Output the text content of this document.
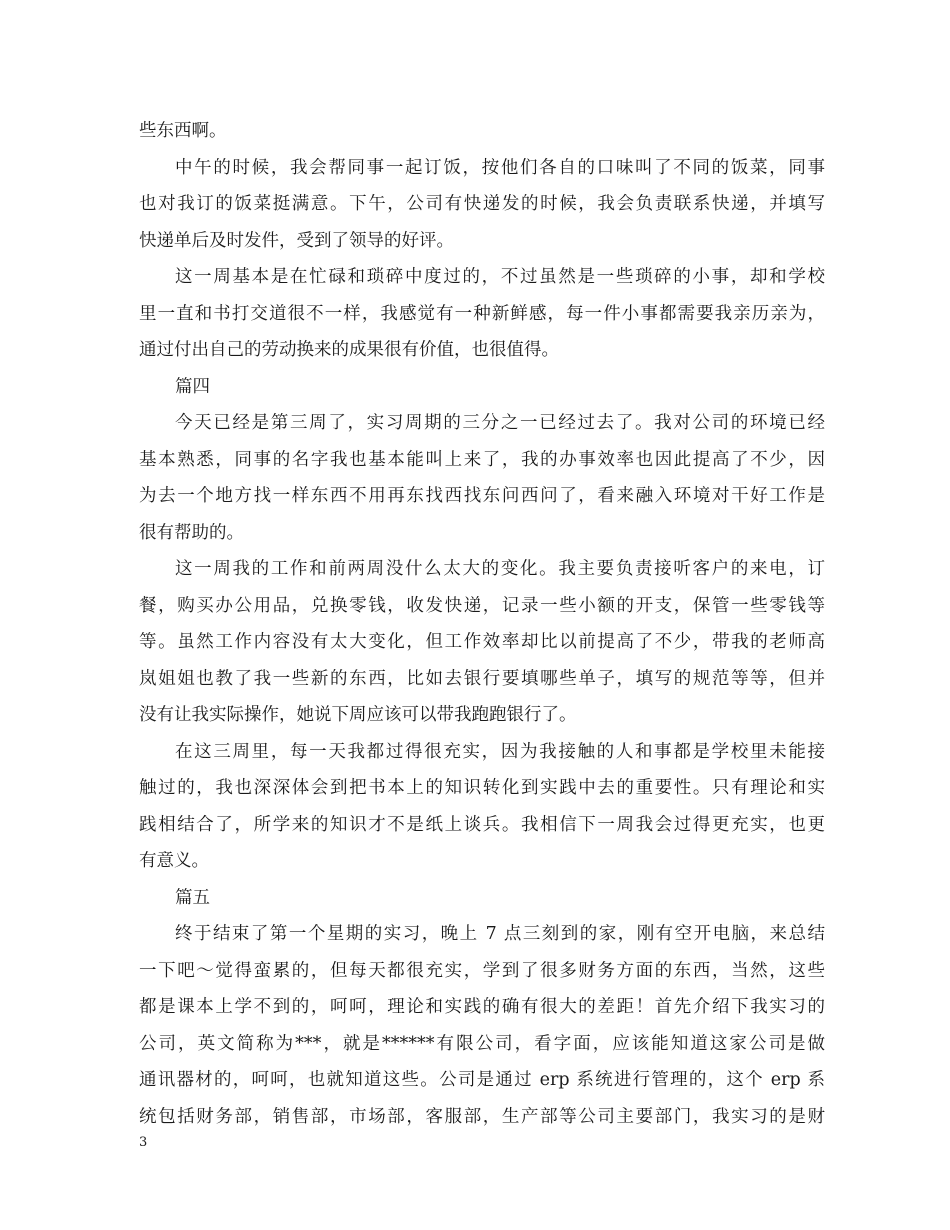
些东西啊。
中午的时候，我会帮同事一起订饭，按他们各自的口味叫了不同的饭菜，同事
也对我订的饭菜挺满意。下午，公司有快递发的时候，我会负责联系快递，并填写
快递单后及时发件，受到了领导的好评。
这一周基本是在忙碌和琐碎中度过的，不过虽然是一些琐碎的小事，却和学校
里一直和书打交道很不一样，我感觉有一种新鲜感，每一件小事都需要我亲历亲为，
通过付出自己的劳动换来的成果很有价值，也很值得。
篇四
今天已经是第三周了，实习周期的三分之一已经过去了。我对公司的环境已经
基本熟悉，同事的名字我也基本能叫上来了，我的办事效率也因此提高了不少，因
为去一个地方找一样东西不用再东找西找东问西问了，看来融入环境对干好工作是
很有帮助的。
这一周我的工作和前两周没什么太大的变化。我主要负责接听客户的来电，订
餐，购买办公用品，兑换零钱，收发快递，记录一些小额的开支，保管一些零钱等
等。虽然工作内容没有太大变化，但工作效率却比以前提高了不少，带我的老师高
岚姐姐也教了我一些新的东西，比如去银行要填哪些单子，填写的规范等等，但并
没有让我实际操作，她说下周应该可以带我跑跑银行了。
在这三周里，每一天我都过得很充实，因为我接触的人和事都是学校里未能接
触过的，我也深深体会到把书本上的知识转化到实践中去的重要性。只有理论和实
践相结合了，所学来的知识才不是纸上谈兵。我相信下一周我会过得更充实，也更
有意义。
篇五
终于结束了第一个星期的实习，晚上 7 点三刻到的家，刚有空开电脑，来总结
一下吧～觉得蛮累的，但每天都很充实，学到了很多财务方面的东西，当然，这些
都是课本上学不到的，呵呵，理论和实践的确有很大的差距！首先介绍下我实习的
公司，英文简称为***，就是******有限公司，看字面，应该能知道这家公司是做
通讯器材的，呵呵，也就知道这些。公司是通过 erp 系统进行管理的，这个 erp 系
统包括财务部，销售部，市场部，客服部，生产部等公司主要部门，我实习的是财
3
